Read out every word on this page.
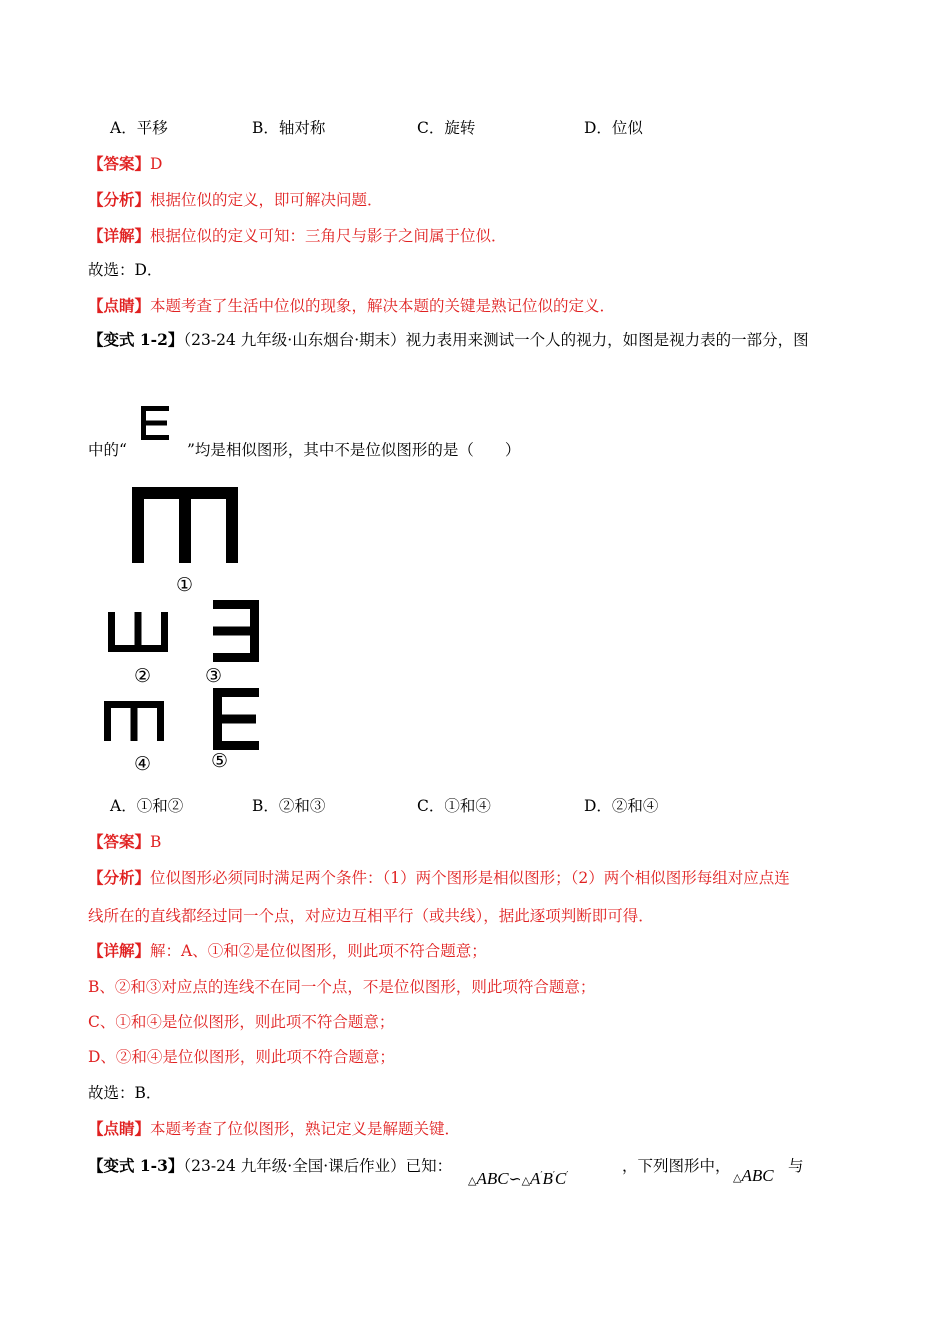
A．平移	B．轴对称	C．旋转	D．位似
【答案】D
【分析】根据位似的定义，即可解决问题．
【详解】根据位似的定义可知：三角尺与影子之间属于位似．
故选：D．
【点睛】本题考查了生活中位似的现象，解决本题的关键是熟记位似的定义．
【变式 1-2】（23-24 九年级·山东烟台·期末）视力表用来测试一个人的视力，如图是视力表的一部分，图
中的“	”均是相似图形，其中不是位似图形的是（　　）
①
②	③
④	⑤
A．①和②	B．②和③	C．①和④	D．②和④
【答案】B
【分析】位似图形必须同时满足两个条件：（1）两个图形是相似图形；（2）两个相似图形每组对应点连
线所在的直线都经过同一个点，对应边互相平行（或共线），据此逐项判断即可得．
【详解】解：A、①和②是位似图形，则此项不符合题意；
B、②和③对应点的连线不在同一个点，不是位似图形，则此项符合题意；
C、①和④是位似图形，则此项不符合题意；
D、②和④是位似图形，则此项不符合题意；
故选：B．
【点睛】本题考查了位似图形，熟记定义是解题关键．
【变式 1-3】（23-24 九年级·全国·课后作业）已知：
△ABC∽△A′B′C′
，下列图形中，
△ABC 与
